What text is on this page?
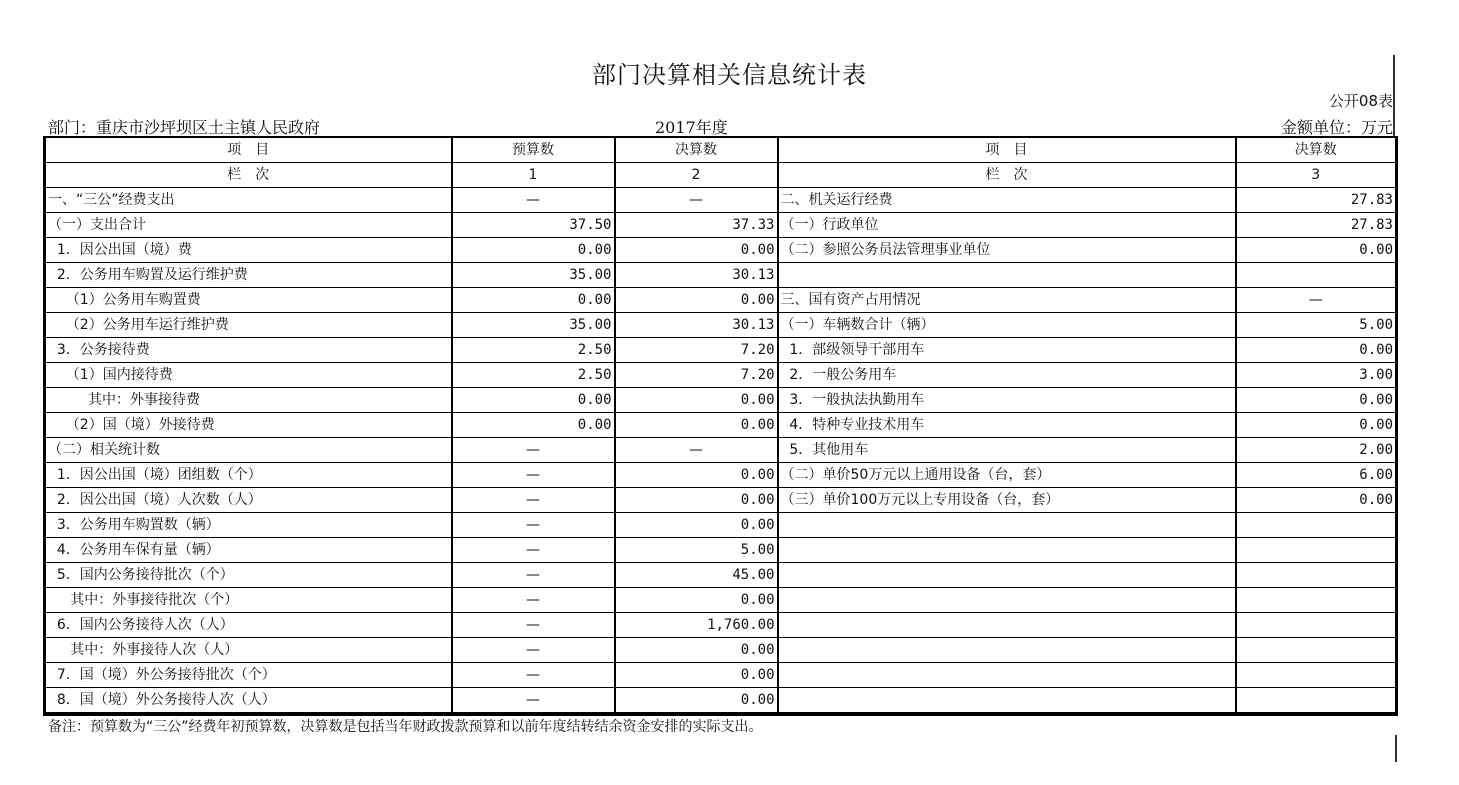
部门决算相关信息统计表
公开08表
部门：重庆市沙坪坝区土主镇人民政府	2017年度	金额单位：万元
项　目	预算数	决算数	项　目	决算数
栏　次	1	2	栏　次	3
一、“三公”经费支出	—	—	二、机关运行经费	27.83
（一）支出合计	37.50	37.33	（一）行政单位	27.83
1．因公出国（境）费	0.00	0.00	（二）参照公务员法管理事业单位	0.00
2．公务用车购置及运行维护费	35.00	30.13		
（1）公务用车购置费	0.00	0.00	三、国有资产占用情况	—
（2）公务用车运行维护费	35.00	30.13	（一）车辆数合计（辆）	5.00
3．公务接待费	2.50	7.20	1．部级领导干部用车	0.00
（1）国内接待费	2.50	7.20	2．一般公务用车	3.00
其中：外事接待费	0.00	0.00	3．一般执法执勤用车	0.00
（2）国（境）外接待费	0.00	0.00	4．特种专业技术用车	0.00
（二）相关统计数	—	—	5．其他用车	2.00
1．因公出国（境）团组数（个）	—	0.00	（二）单价50万元以上通用设备（台，套）	6.00
2．因公出国（境）人次数（人）	—	0.00	（三）单价100万元以上专用设备（台，套）	0.00
3．公务用车购置数（辆）	—	0.00		
4．公务用车保有量（辆）	—	5.00		
5．国内公务接待批次（个）	—	45.00		
其中：外事接待批次（个）	—	0.00		
6．国内公务接待人次（人）	—	1,760.00		
其中：外事接待人次（人）	—	0.00		
7．国（境）外公务接待批次（个）	—	0.00		
8．国（境）外公务接待人次（人）	—	0.00		
备注：预算数为“三公”经费年初预算数，决算数是包括当年财政拨款预算和以前年度结转结余资金安排的实际支出。
